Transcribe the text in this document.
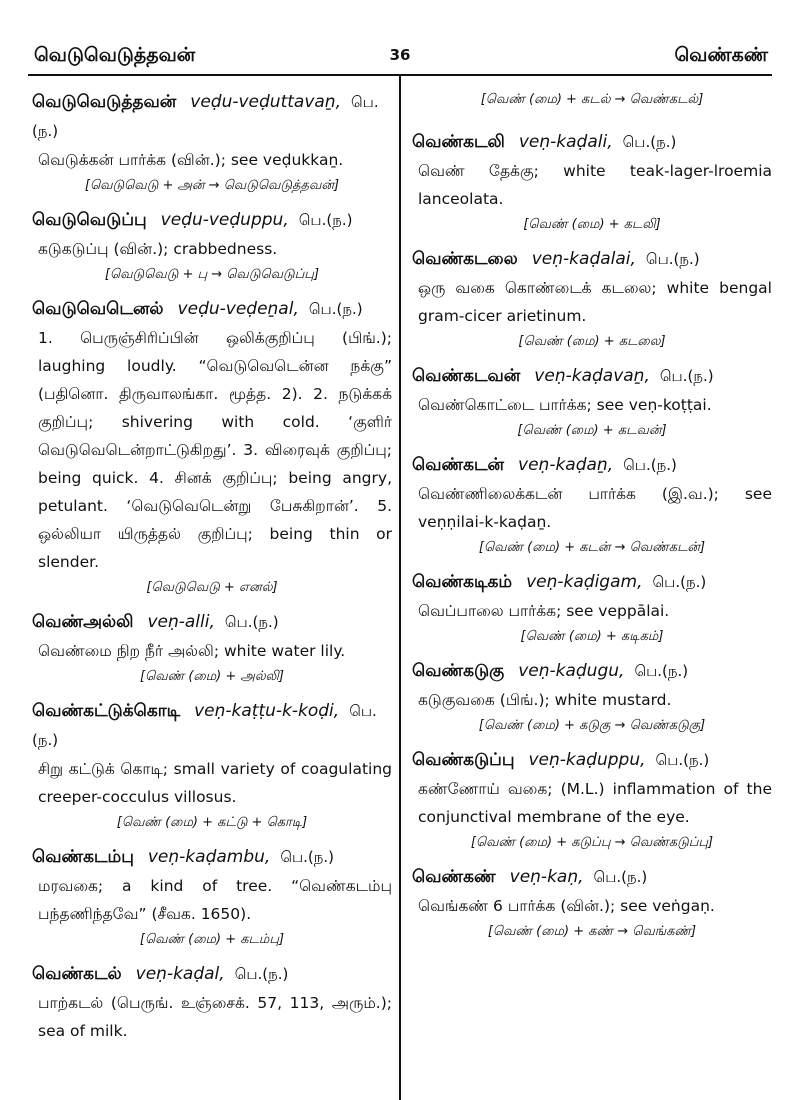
வெடுவெடுத்தவன்	36	வெண்கண்

வெடுவெடுத்தவன் veḍu-veḍuttavaṉ, பெ.(ந.)

வெடுக்கன் பார்க்க (வின்.); see veḍukkaṉ.

[வெடுவெடு + அன் → வெடுவெடுத்தவன்]

வெடுவெடுப்பு veḍu-veḍuppu, பெ.(ந.)

கடுகடுப்பு (வின்.); crabbedness.

[வெடுவெடு + பு → வெடுவெடுப்பு]

வெடுவெடெனல் veḍu-veḍeṉal, பெ.(ந.)

1. பெருஞ்சிரிப்பின் ஒலிக்குறிப்பு (பிங்.); laughing loudly. “வெடுவெடென்ன நக்கு” (பதினொ. திருவாலங்கா. மூத்த. 2). 2. நடுக்கக் குறிப்பு; shivering with cold. ‘குளிர் வெடுவெடென்றாட்டுகிறது’. 3. விரைவுக் குறிப்பு; being quick. 4. சினக் குறிப்பு; being angry, petulant. ‘வெடுவெடென்று பேசுகிறான்’. 5. ஒல்லியா யிருத்தல் குறிப்பு; being thin or slender.

[வெடுவெடு + எனல்]

வெண்அல்லி veṇ-alli, பெ.(ந.)

வெண்மை நிற நீர் அல்லி; white water lily.

[வெண் (மை) + அல்லி]

வெண்கட்டுக்கொடி veṇ-kaṭṭu-k-koḍi, பெ.(ந.)

சிறு கட்டுக் கொடி; small variety of coagulating creeper-cocculus villosus.

[வெண் (மை) + கட்டு + கொடி]

வெண்கடம்பு veṇ-kaḍambu, பெ.(ந.)

மரவகை; a kind of tree. “வெண்கடம்பு பந்தணிந்தவே” (சீவக. 1650).

[வெண் (மை) + கடம்பு]

வெண்கடல் veṇ-kaḍal, பெ.(ந.)

பாற்கடல் (பெருங். உஞ்சைக். 57, 113, அரும்.); sea of milk.

[வெண் (மை) + கடல் → வெண்கடல்]

வெண்கடலி veṇ-kaḍali, பெ.(ந.)

வெண் தேக்கு; white teak-lager-lroemia lanceolata.

[வெண் (மை) + கடலி]

வெண்கடலை veṇ-kaḍalai, பெ.(ந.)

ஒரு வகை கொண்டைக் கடலை; white bengal gram-cicer arietinum.

[வெண் (மை) + கடலை]

வெண்கடவன் veṇ-kaḍavaṉ, பெ.(ந.)

வெண்கொட்டை பார்க்க; see veṇ-koṭṭai.

[வெண் (மை) + கடவன்]

வெண்கடன் veṇ-kaḍaṉ, பெ.(ந.)

வெண்ணிலைக்கடன் பார்க்க (இ.வ.); see veṇṇilai-k-kaḍaṉ.

[வெண் (மை) + கடன் → வெண்கடன்]

வெண்கடிகம் veṇ-kaḍigam, பெ.(ந.)

வெப்பாலை பார்க்க; see veppālai.

[வெண் (மை) + கடிகம்]

வெண்கடுகு veṇ-kaḍugu, பெ.(ந.)

கடுகுவகை (பிங்.); white mustard.

[வெண் (மை) + கடுகு → வெண்கடுகு]

வெண்கடுப்பு veṇ-kaḍuppu, பெ.(ந.)

கண்ணோய் வகை; (M.L.) inflammation of the conjunctival membrane of the eye.

[வெண் (மை) + கடுப்பு → வெண்கடுப்பு]

வெண்கண் veṇ-kaṇ, பெ.(ந.)

வெங்கண் 6 பார்க்க (வின்.); see veṅgaṇ.

[வெண் (மை) + கண் → வெங்கண்]
